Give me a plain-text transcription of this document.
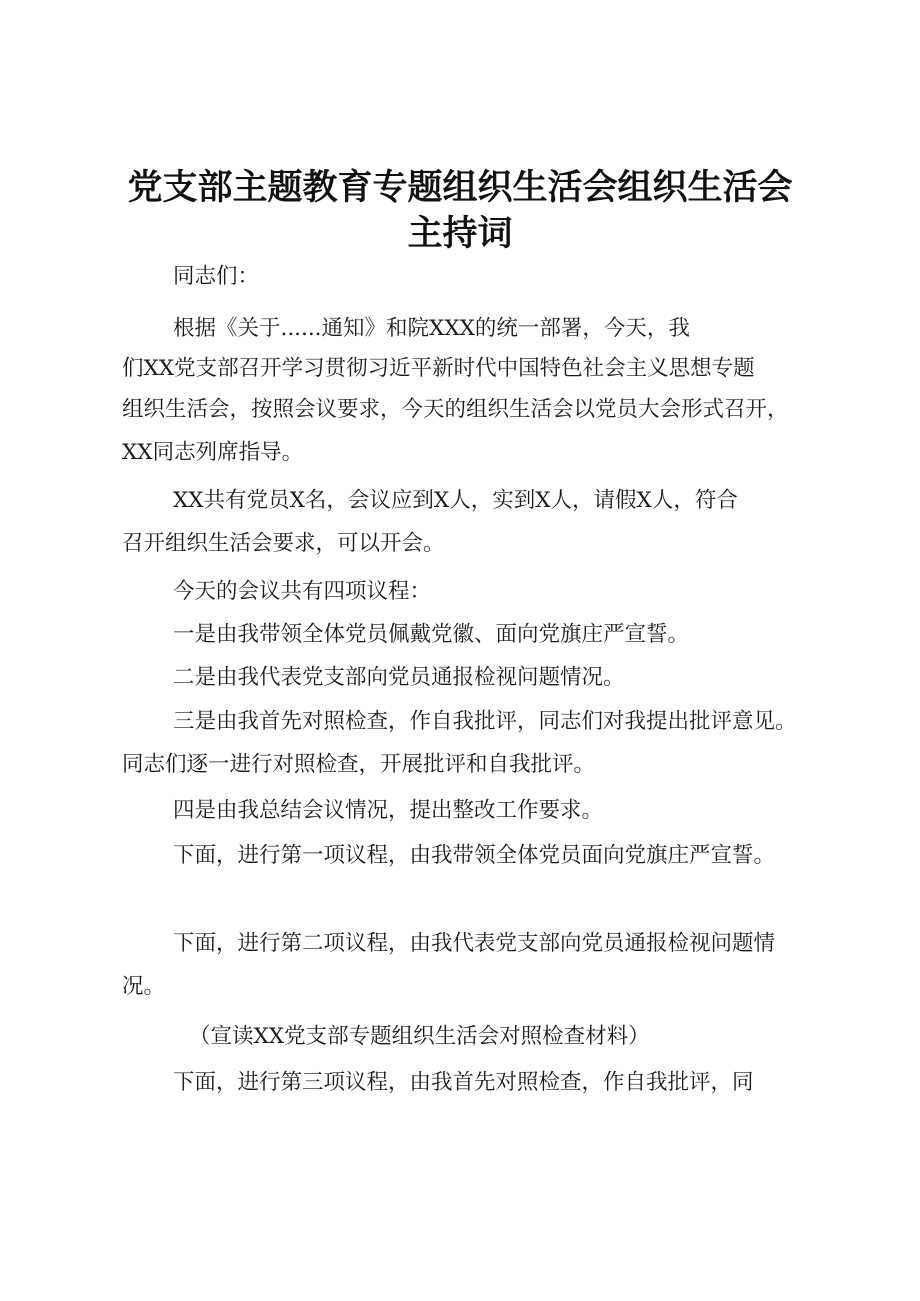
党支部主题教育专题组织生活会组织生活会
主持词
同志们：
根据《关于......通知》和院XXX的统一部署，今天，我
们XX党支部召开学习贯彻习近平新时代中国特色社会主义思想专题
组织生活会，按照会议要求，今天的组织生活会以党员大会形式召开，
XX同志列席指导。
XX共有党员X名，会议应到X人，实到X人，请假X人，符合
召开组织生活会要求，可以开会。
今天的会议共有四项议程：
一是由我带领全体党员佩戴党徽、面向党旗庄严宣誓。
二是由我代表党支部向党员通报检视问题情况。
三是由我首先对照检查，作自我批评，同志们对我提出批评意见。
同志们逐一进行对照检查，开展批评和自我批评。
四是由我总结会议情况，提出整改工作要求。
下面，进行第一项议程，由我带领全体党员面向党旗庄严宣誓。
下面，进行第二项议程，由我代表党支部向党员通报检视问题情
况。
（宣读XX党支部专题组织生活会对照检查材料）
下面，进行第三项议程，由我首先对照检查，作自我批评，同
